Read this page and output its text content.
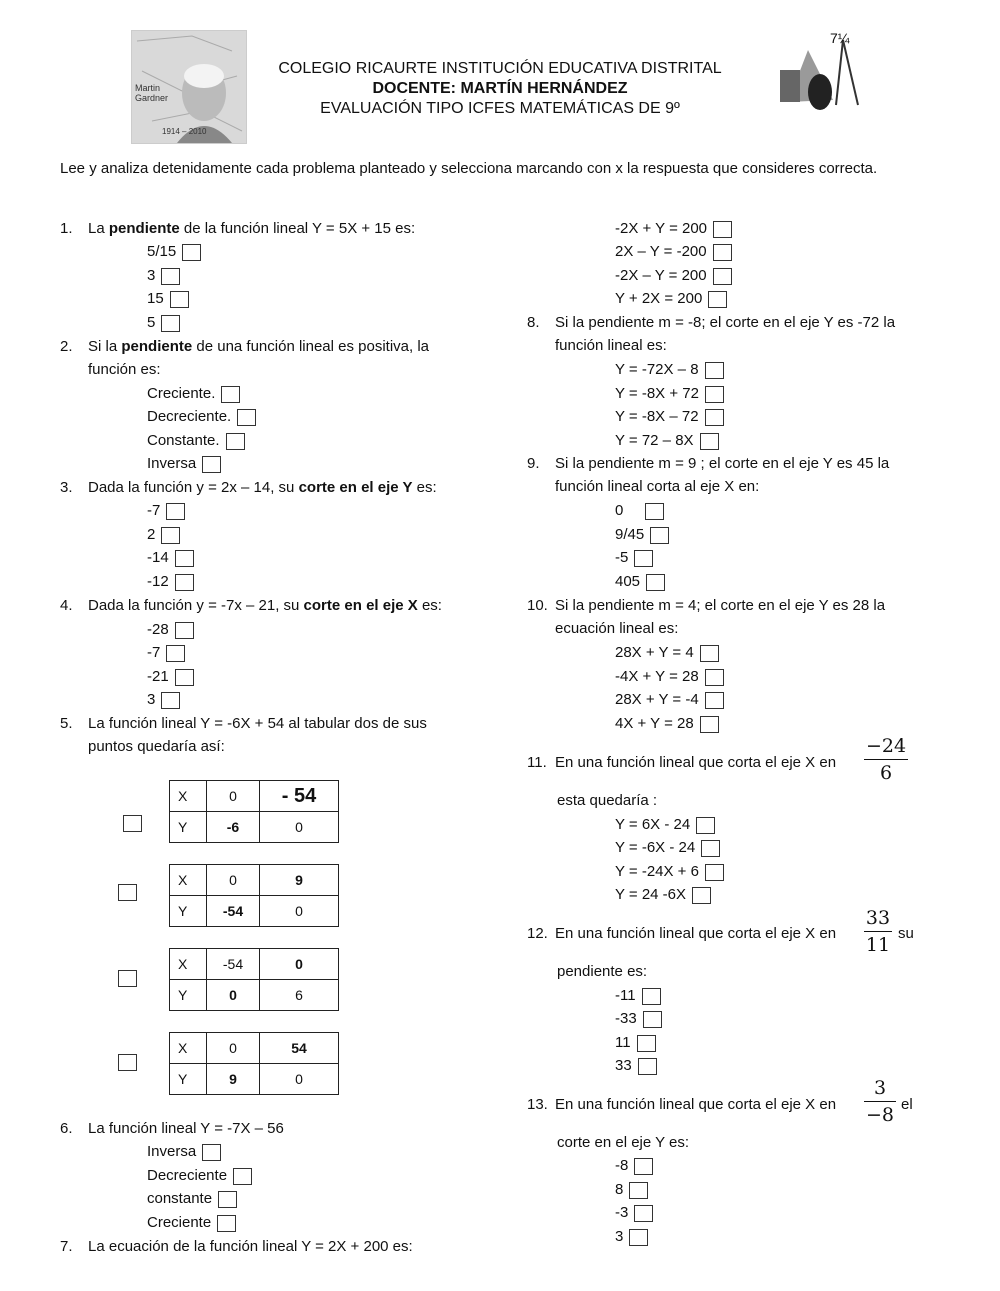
Martin Gardner
1914 – 2010
7¼
COLEGIO RICAURTE INSTITUCIÓN EDUCATIVA DISTRITAL
DOCENTE: MARTÍN HERNÁNDEZ
EVALUACIÓN TIPO ICFES MATEMÁTICAS DE 9º
Lee y analiza detenidamente cada problema planteado y selecciona marcando con x la respuesta que consideres correcta.
1.	La pendiente de la función lineal Y = 5X + 15 es:
5/15
3
15
5
2.	Si la pendiente de una función lineal es positiva, la
función es:
Creciente.
Decreciente.
Constante.
Inversa
3.	Dada la función y = 2x – 14, su corte en el eje Y es:
-7
2
-14
-12
4.	Dada la función y = -7x – 21, su corte en el eje X es:
-28
-7
-21
3
5.	La función lineal Y = -6X + 54 al tabular dos de sus
puntos quedaría así:
X	0	- 54
Y	-6	0
X	0	9
Y	-54	0
X	-54	0
Y	0	6
X	0	54
Y	9	0
6.	La función lineal Y = -7X – 56
Inversa
Decreciente
constante
Creciente
7.	La ecuación de la función lineal Y = 2X + 200 es:
-2X + Y = 200
2X – Y = -200
-2X – Y = 200
Y + 2X = 200
8.	Si la pendiente m = -8; el corte en el eje Y es -72 la
función lineal es:
Y = -72X – 8
Y = -8X + 72
Y = -8X – 72
Y = 72 – 8X
9.	Si la pendiente m = 9 ; el corte en el eje Y es 45 la
función lineal corta al eje X en:
0
9/45
-5
405
10. Si la pendiente m = 4; el corte en el eje Y es 28 la
ecuación lineal es:
28X + Y = 4
-4X + Y = 28
28X + Y = -4
4X + Y = 28
11. En una función lineal que corta el eje X en
−24
6
esta quedaría :
Y = 6X - 24
Y = -6X - 24
Y = -24X + 6
Y = 24 -6X
12. En una función lineal que corta el eje X en
33
11
su
pendiente es:
-11
-33
11
33
13. En una función lineal que corta el eje X en
3
−8 el
corte en el eje Y es:
-8
8
-3
3
